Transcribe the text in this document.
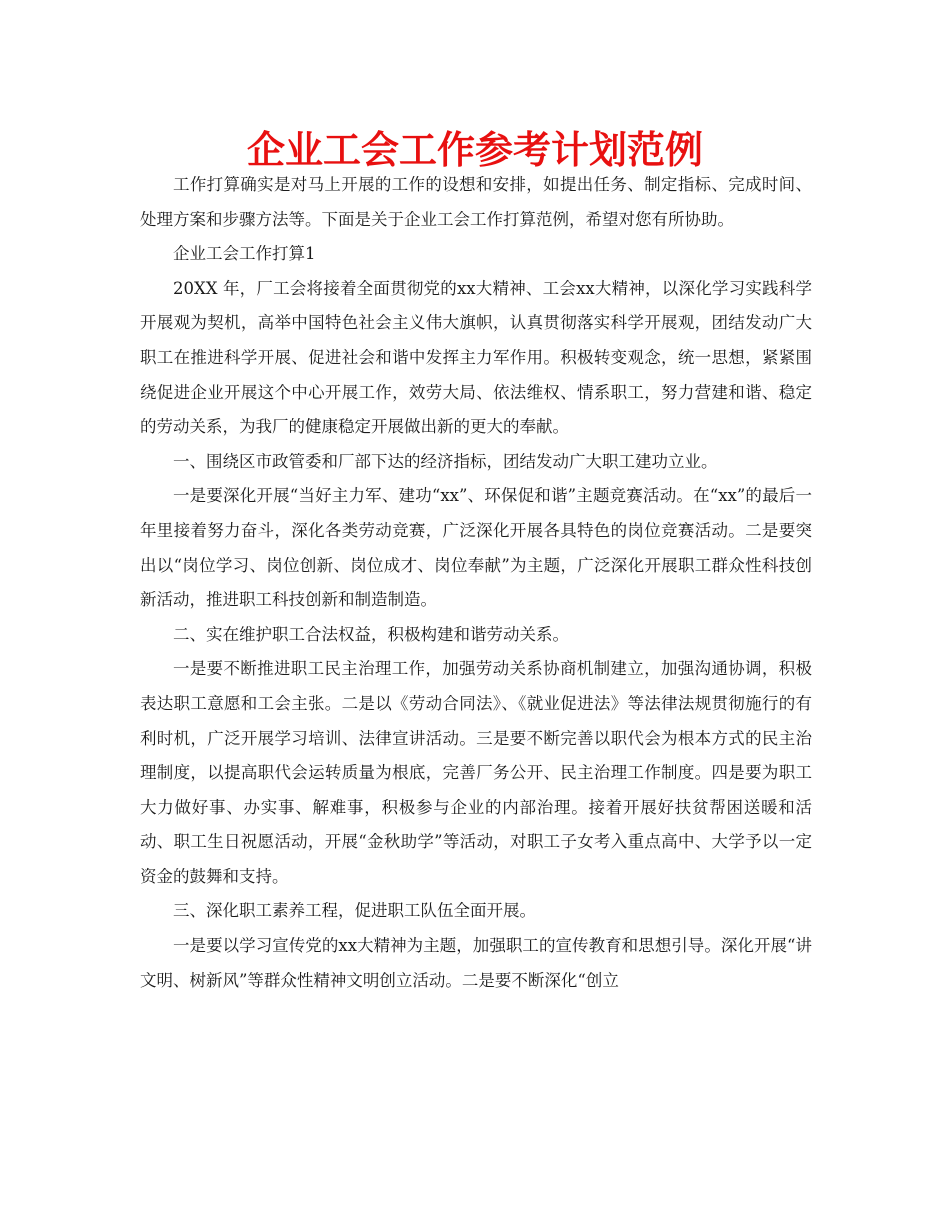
企业工会工作参考计划范例

工作打算确实是对马上开展的工作的设想和安排，如提出任务、制定指标、完成时间、处理方案和步骤方法等。下面是关于企业工会工作打算范例，希望对您有所协助。

企业工会工作打算1

20XX 年，厂工会将接着全面贯彻党的xx大精神、工会xx大精神，以深化学习实践科学开展观为契机，高举中国特色社会主义伟大旗帜，认真贯彻落实科学开展观，团结发动广大职工在推进科学开展、促进社会和谐中发挥主力军作用。积极转变观念，统一思想，紧紧围绕促进企业开展这个中心开展工作，效劳大局、依法维权、情系职工，努力营建和谐、稳定的劳动关系，为我厂的健康稳定开展做出新的更大的奉献。

一、围绕区市政管委和厂部下达的经济指标，团结发动广大职工建功立业。

一是要深化开展“当好主力军、建功“xx”、环保促和谐”主题竞赛活动。在“xx”的最后一年里接着努力奋斗，深化各类劳动竞赛，广泛深化开展各具特色的岗位竞赛活动。二是要突出以“岗位学习、岗位创新、岗位成才、岗位奉献”为主题，广泛深化开展职工群众性科技创新活动，推进职工科技创新和制造制造。

二、实在维护职工合法权益，积极构建和谐劳动关系。

一是要不断推进职工民主治理工作，加强劳动关系协商机制建立，加强沟通协调，积极表达职工意愿和工会主张。二是以《劳动合同法》、《就业促进法》等法律法规贯彻施行的有利时机，广泛开展学习培训、法律宣讲活动。三是要不断完善以职代会为根本方式的民主治理制度，以提高职代会运转质量为根底，完善厂务公开、民主治理工作制度。四是要为职工大力做好事、办实事、解难事，积极参与企业的内部治理。接着开展好扶贫帮困送暖和活动、职工生日祝愿活动，开展“金秋助学”等活动，对职工子女考入重点高中、大学予以一定资金的鼓舞和支持。

三、深化职工素养工程，促进职工队伍全面开展。

一是要以学习宣传党的xx大精神为主题，加强职工的宣传教育和思想引导。深化开展“讲文明、树新风”等群众性精神文明创立活动。二是要不断深化“创立
